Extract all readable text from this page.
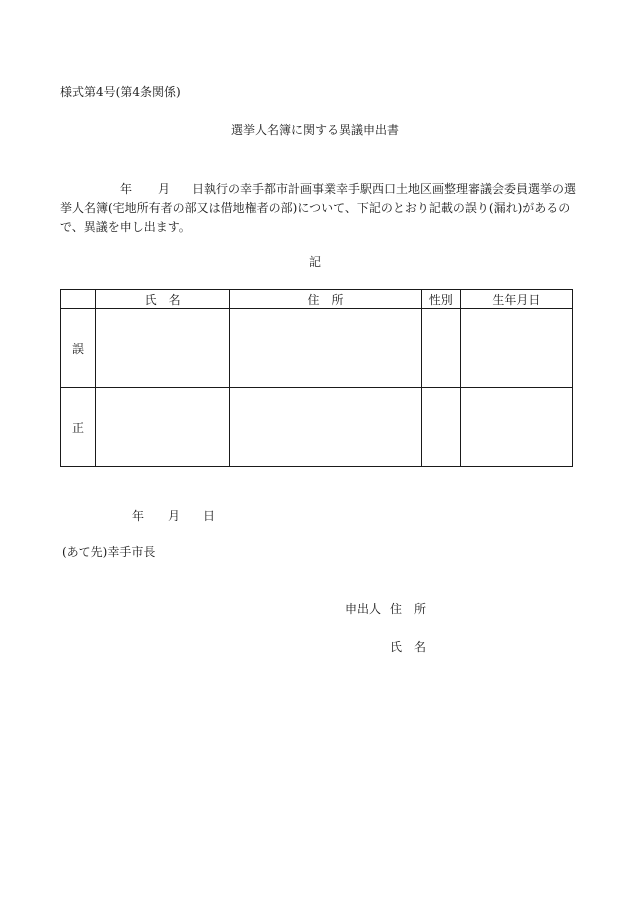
様式第4号(第4条関係)
選挙人名簿に関する異議申出書
年 月 日執行の幸手都市計画事業幸手駅西口土地区画整理審議会委員選挙の選
挙人名簿(宅地所有者の部又は借地権者の部)について、下記のとおり記載の誤り(漏れ)があるの
で、異議を申し出ます。
記
	氏　名	住　所	性別	生年月日
誤				
正				
年 月 日
(あて先)幸手市長
申出人 住　所
氏　名
